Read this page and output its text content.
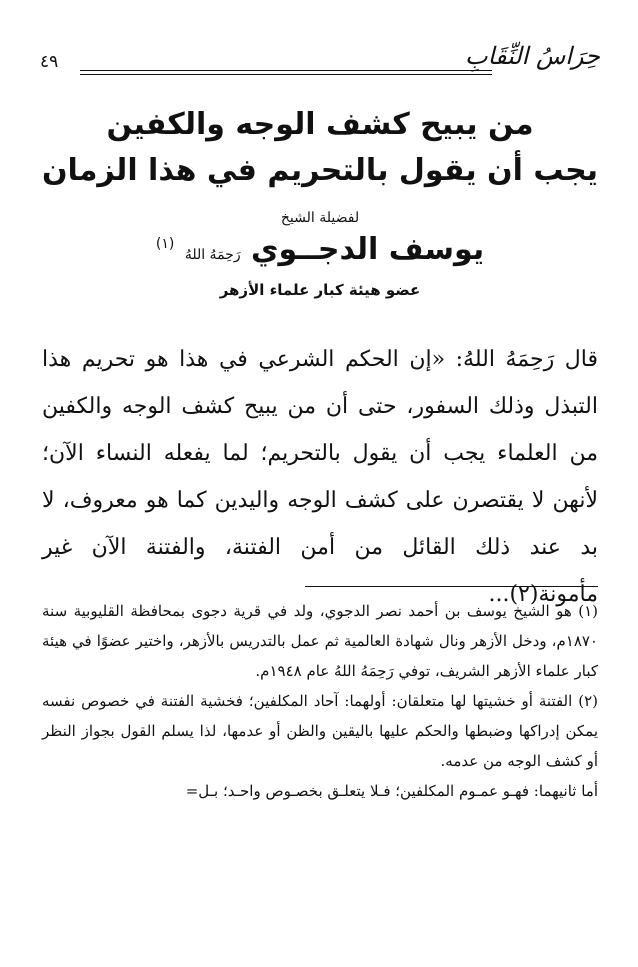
٤٩	حِرَاسُ النِّقَابِ
من يبيح كشف الوجه والكفين
يجب أن يقول بالتحريم في هذا الزمان
لفضيلة الشيخ
يوسف الدجــوي رَحِمَهُ اللهُ $^{(١)}$
عضو هيئة كبار علماء الأزهر
قال رَحِمَهُ اللهُ: «إن الحكم الشرعي في هذا هو تحريم هذا التبذل وذلك السفور، حتى أن من يبيح كشف الوجه والكفين من العلماء يجب أن يقول بالتحريم؛ لما يفعله النساء الآن؛ لأنهن لا يقتصرن على كشف الوجه واليدين كما هو معروف، لا بد عند ذلك القائل من أمن الفتنة، والفتنة الآن غير مأمونة(٢)...

(١) هو الشيخ يوسف بن أحمد نصر الدجوي، ولد في قرية دجوى بمحافظة القليوبية سنة ١٨٧٠م، ودخل الأزهر ونال شهادة العالمية ثم عمل بالتدريس بالأزهر، واختير عضوًا في هيئة كبار علماء الأزهر الشريف، توفي رَحِمَهُ اللهُ عام ١٩٤٨م.

(٢) الفتنة أو خشيتها لها متعلقان: أولهما: آحاد المكلفين؛ فخشية الفتنة في خصوص نفسه يمكن إدراكها وضبطها والحكم عليها باليقين والظن أو عدمها، لذا يسلم القول بجواز النظر أو كشف الوجه من عدمه.

أما ثانيهما: فهـو عمـوم المكلفين؛ فـلا يتعلـق بخصـوص واحـد؛ بـل=
